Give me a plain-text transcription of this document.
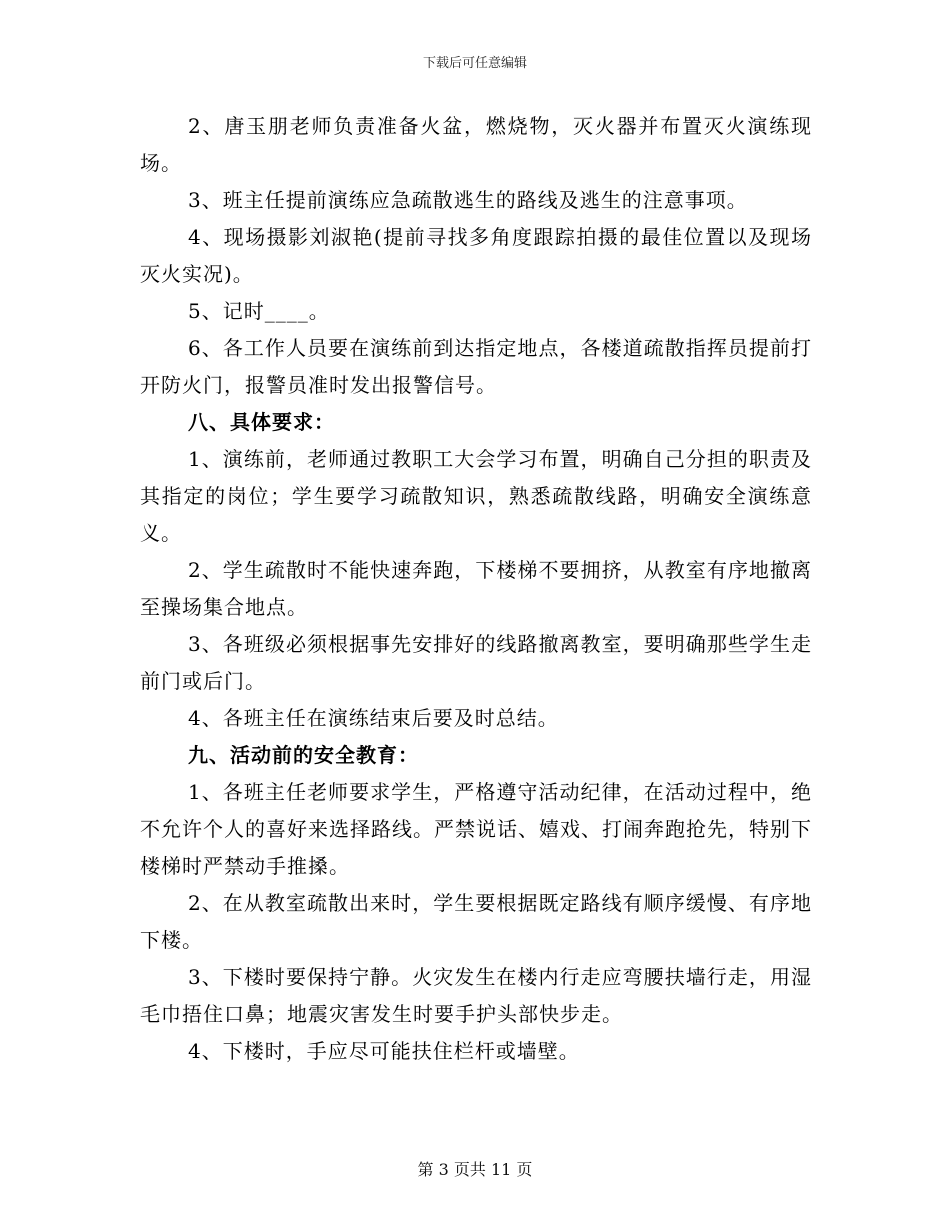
下载后可任意编辑

2、唐玉朋老师负责准备火盆，燃烧物，灭火器并布置灭火演练现场。

3、班主任提前演练应急疏散逃生的路线及逃生的注意事项。

4、现场摄影刘淑艳(提前寻找多角度跟踪拍摄的最佳位置以及现场灭火实况)。

5、记时____。

6、各工作人员要在演练前到达指定地点，各楼道疏散指挥员提前打开防火门，报警员准时发出报警信号。

八、具体要求：

1、演练前，老师通过教职工大会学习布置，明确自己分担的职责及其指定的岗位；学生要学习疏散知识，熟悉疏散线路，明确安全演练意义。

2、学生疏散时不能快速奔跑，下楼梯不要拥挤，从教室有序地撤离至操场集合地点。

3、各班级必须根据事先安排好的线路撤离教室，要明确那些学生走前门或后门。

4、各班主任在演练结束后要及时总结。

九、活动前的安全教育：

1、各班主任老师要求学生，严格遵守活动纪律，在活动过程中，绝不允许个人的喜好来选择路线。严禁说话、嬉戏、打闹奔跑抢先，特别下楼梯时严禁动手推搡。

2、在从教室疏散出来时，学生要根据既定路线有顺序缓慢、有序地下楼。

3、下楼时要保持宁静。火灾发生在楼内行走应弯腰扶墙行走，用湿毛巾捂住口鼻；地震灾害发生时要手护头部快步走。

4、下楼时，手应尽可能扶住栏杆或墙壁。

第 3 页共 11 页
